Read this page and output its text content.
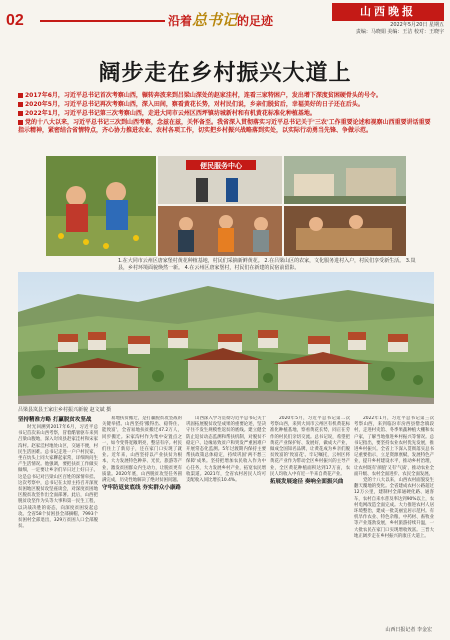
02	沿着总书记的足迹
山西晚报
2022年5月20日 星期五
责编：马晓娟 美编：王洁 校对：王晓宇
阔步走在乡村振兴大道上
2017年6月，习近平总书记首次考察山西，辗转奔波来到吕梁山深处的赵家洼村，连看三家特困户，发出增下深度贫困硬骨头的号令。
2020年5月，习近平总书记再次考察山西，深入田间，察看黄花长势，对村民们说，乡亲们脱贫后，幸福美好的日子还在后头。
2022年1月，习近平总书记第三次考察山西，走进大同市云州区西坪镇坊城新村和有机黄花标准化种植基地。
党的十八大以来，习近平总书记三次到山西考察，念兹在兹，关怀备至。我省深入贯彻落实习近平总书记关于'三农'工作重要论述和视察山西重要讲话重要指示精神，紧密结合省情特点，齐心协力推进农业、农村各项工作，切实把乡村振兴战略落到实处，以实际行动勇当先锋、争做示范。
便民服务中心
1.在大同市云州区唐家堡村黄花种植基地，村民们采摘新鲜黄花。 2.在吕梁山区的农家，文化服务进村入户，村民们享受新生活。 3.岚县，乡村环境面貌焕然一新。 4.在云州区唐家堡村，村民们在新建的民宿前留影。
吕梁县岚县王家庄乡村振兴新貌 赵文斌 摄
坚持精准方略 打赢脱贫攻坚战

时光回溯到2017年6月，习近平总书记首次来山西考察，冒着酷暑驱车来到吕梁山腹地，深入岢岚县赵家洼村和宋家沟村。赵家洼村地处山区，交通不便，村民生活困难。总书记走进一户户村民家，坐在炕头上同大家聊起家常，详细询问生产生活情况。他强调，要把扶贫工作做实做细，一定要让乡亲们早日过上好日子。这是总书记对吕梁山区百姓的深情牵挂。这次考察中，总书记在太原主持召开深度贫困地区脱贫攻坚座谈会，对深度贫困地区脱贫攻坚作出全面部署。此后，山西把脱贫攻坚作为头等大事和第一民生工程，以决战决胜的姿态，向深度贫困发起总攻。全省58个贫困县全部摘帽，7993个贫困村全部退出，329万贫困人口全部脱贫。

易地扶贫搬迁，是打赢脱贫攻坚战的关键举措。山西坚持'搬得出、稳得住、能致富'，全省易地扶贫搬迁47.2万人，同步搬迁。宋家沟村作为集中安置点之一，如今变得宽敞明亮，整洁有序。村民们住上了新房子，还在家门口实现了就业。近年来，山西坚持以产业扶贫为根本，大力发展特色种养、光伏、旅游等产业，激发贫困群众内生动力，让脱贫更有质量。2020年底，山西脱贫攻坚任务圆满完成，历史性地解决了绝对贫困问题。

守牢防返贫底线 夯实群众小康路

山西深入学习贯彻习近平总书记关于巩固拓展脱贫攻坚成果的重要论述，坚决守住不发生规模性返贫的底线。建立健全防止返贫动态监测和帮扶机制，对脱贫不稳定户、边缘易致贫户和突发严重困难户开展常态化监测。5年过渡期内保持主要帮扶政策总体稳定，持续巩固'两不愁三保障'成果。坚持把增加农民收入作为中心任务，大力发展乡村产业，拓宽农民增收渠道。2021年，全省农村居民人均可支配收入同比增长10.4%。

2020年5月，习近平总书记第二次考察山西，来到大同市云州区有机黄花标准化种植基地，察看黄花长势，同正在劳作的村民们亲切交流。总书记说，希望把黄花产业保护好、发展好，做成大产业，做成全国知名品牌，让黄花成为乡亲们脱贫致富的'致富花'。牢记嘱托，云州区将黄花产业作为带动全区乡村振兴的主导产业，全区黄花种植面积达到17万亩，农民人均收入中有近一半来自黄花产业。

拓展发展途径 奏响全面振兴曲

2022年1月，习近平总书记第三次考察山西，来到临汾市汾西县僧念镇段村，走进村史馆、冬季果蔬种植大棚和农户家，了解当地推进乡村振兴等情况。总书记指出，要坚持农业农村优先发展，推进乡村振兴。全省上下深入贯彻落实总书记重要指示，立足资源禀赋，发展特色产业，提升乡村建设水平，推动乡村治理，让农村既有'颜值'又有'气质'，推动农业全面升级、农村全面进步、农民全面发展。

党的十八大以来，山西农村面貌发生翻天覆地的变化。全省建成农村公路超过12万公里，建制村全部通硬化路、通客车，农村自来水普及率达到90%以上，农村电网改造全面完成。大力推进农村人居环境整治，建成一批美丽宜居示范村。有机旱作农业、特色杂粮、中药材、畜牧业等产业蓬勃发展，乡村旅游持续升温，一大批农民在家门口实现增收致富。三晋大地正阔步走在乡村振兴的康庄大道上。

山西日报记者 李金宏
